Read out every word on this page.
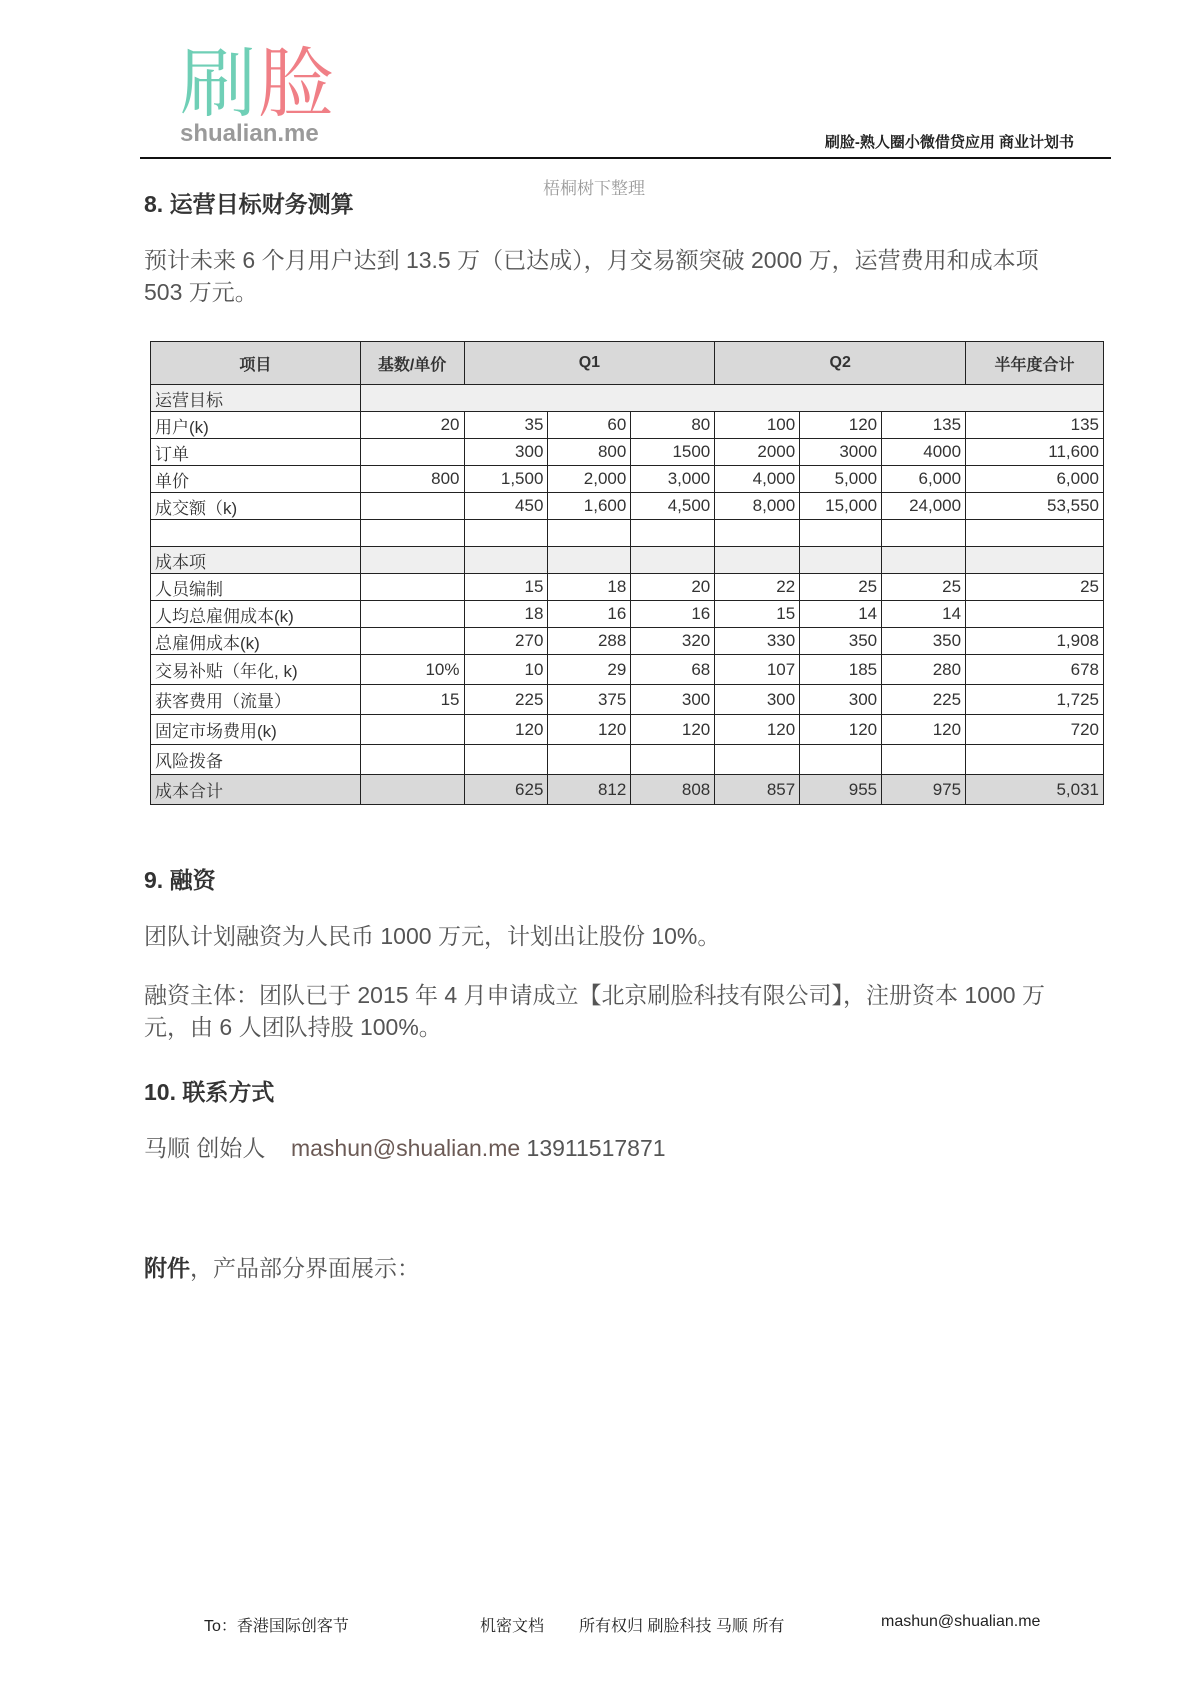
刷脸
shualian.me	刷脸-熟人圈小微借贷应用 商业计划书
梧桐树下整理
8. 运营目标财务测算
预计未来 6 个月用户达到 13.5 万（已达成），月交易额突破 2000 万，运营费用和成本项
503 万元。
项目	基数/单价	Q1			Q2			半年度合计
运营目标								
用户(k)	20	35	60	80	100	120	135	135
订单		300	800	1500	2000	3000	4000	11,600
单价	800	1,500	2,000	3,000	4,000	5,000	6,000	6,000
成交额（k)		450	1,600	4,500	8,000	15,000	24,000	53,550

成本项								
人员编制		15	18	20	22	25	25	25
人均总雇佣成本(k)		18	16	16	15	14	14	
总雇佣成本(k)		270	288	320	330	350	350	1,908
交易补贴（年化, k)	10%	10	29	68	107	185	280	678
获客费用（流量）	15	225	375	300	300	300	225	1,725
固定市场费用(k)		120	120	120	120	120	120	720
风险拨备								
成本合计		625	812	808	857	955	975	5,031
9. 融资
团队计划融资为人民币 1000 万元，计划出让股份 10%。
融资主体：团队已于 2015 年 4 月申请成立【北京刷脸科技有限公司】，注册资本 1000 万
元，由 6 人团队持股 100%。
10. 联系方式
马顺 创始人 mashun@shualian.me 13911517871
附件，产品部分界面展示：
To：香港国际创客节	机密文档 所有权归 刷脸科技 马顺 所有	mashun@shualian.me
